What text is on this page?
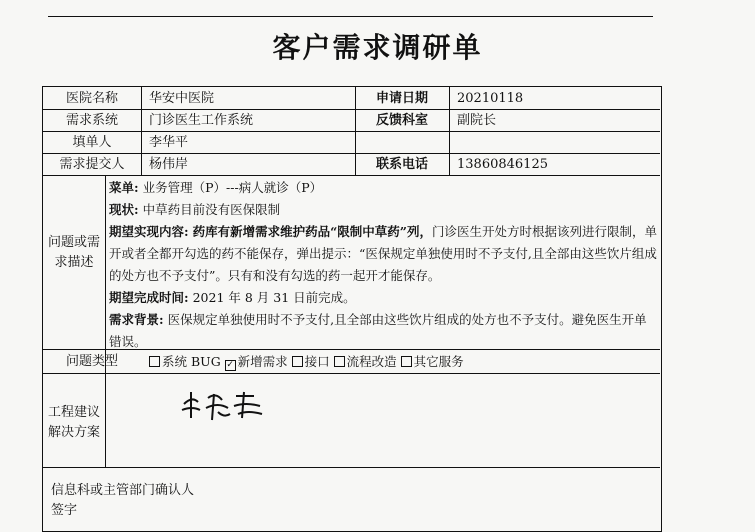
客户需求调研单
医院名称	华安中医院	申请日期	20210118
需求系统	门诊医生工作系统	反馈科室	副院长
填单人	李华平
需求提交人	杨伟岸	联系电话	13860846125
问题或需求描述
菜单: 业务管理（P）---病人就诊（P）
现状: 中草药目前没有医保限制
期望实现内容: 药库有新增需求维护药品“限制中草药”列，门诊医生开处方时根据该列进行限制，单开或者全都开勾选的药不能保存，弹出提示：“医保规定单独使用时不予支付,且全部由这些饮片组成的处方也不予支付”。只有和没有勾选的药一起开才能保存。
期望完成时间: 2021 年 8 月 31 日前完成。
需求背景: 医保规定单独使用时不予支付,且全部由这些饮片组成的处方也不予支付。避免医生开单错误。
问题类型	系统 BUG ✓ 新增需求 接口 流程改造 其它服务
工程建议解决方案
信息科或主管部门确认人签字
